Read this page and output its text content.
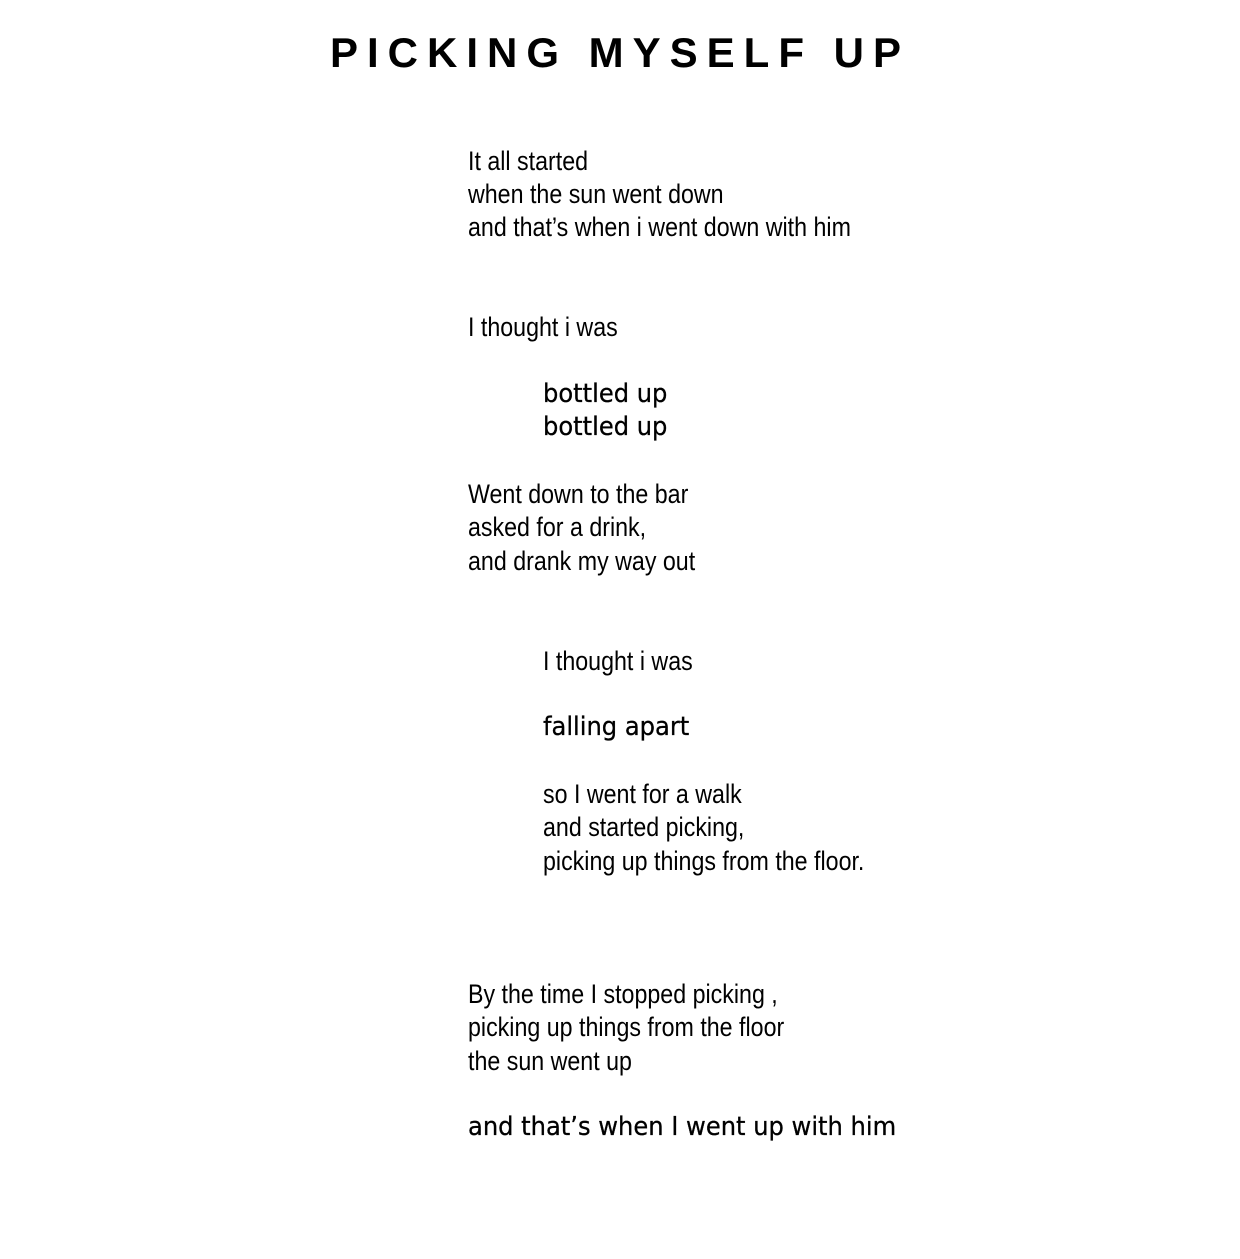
PICKING MYSELF UP
It all started
when the sun went down
and that’s when i went down with him
I thought i was
bottled up
bottled up
Went down to the bar
asked for a drink,
and drank my way out
I thought i was
falling apart
so I went for a walk
and started picking,
picking up things from the floor.
By the time I stopped picking ,
picking up things from the floor
the sun went up
and that’s when I went up with him
